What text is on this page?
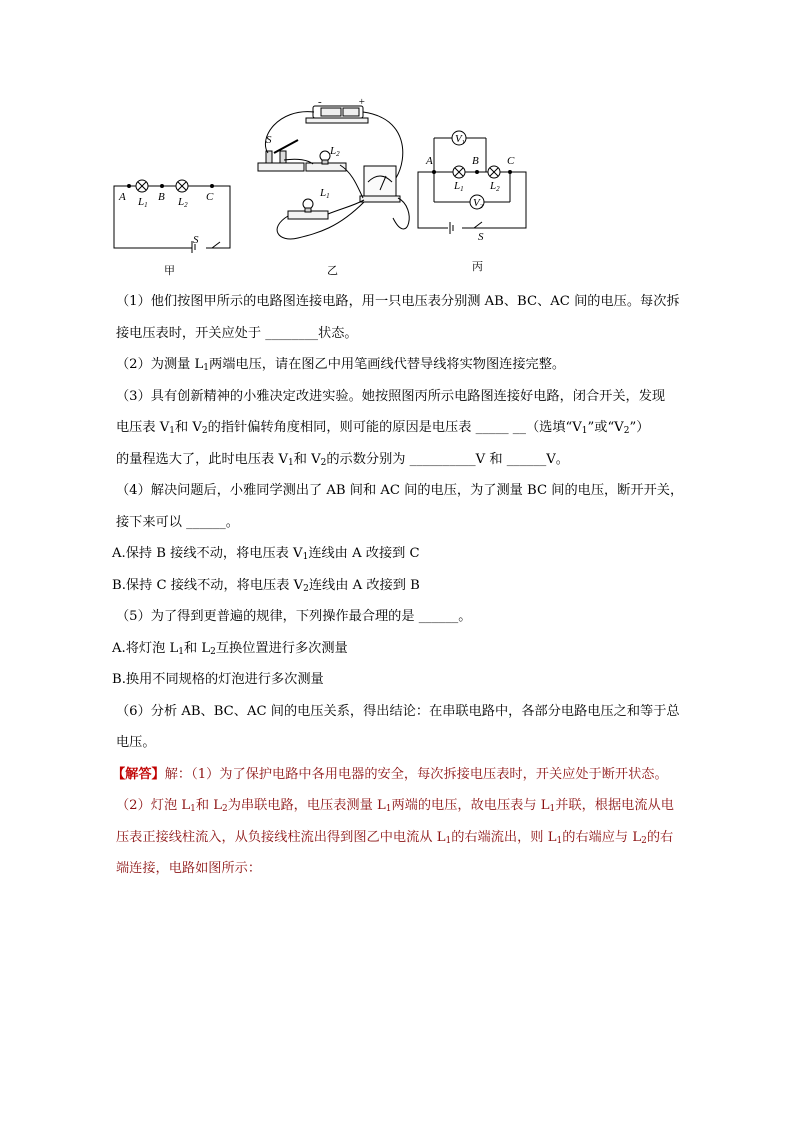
A	B	C
L1	L2
S
甲
S
L2
L1
-	+
乙
V1
V2
A	B	C
L1 L2
S
丙

（1）他们按图甲所示的电路图连接电路，用一只电压表分别测 AB、BC、AC 间的电压。每次拆

接电压表时，开关应处于 ________状态。

（2）为测量 $L_1$两端电压，请在图乙中用笔画线代替导线将实物图连接完整。

（3）具有创新精神的小雅决定改进实验。她按照图丙所示电路图连接好电路，闭合开关，发现

电压表 $V_1$和 $V_2$的指针偏转角度相同，则可能的原因是电压表 _____ __（选填“$V_1$”或“$V_2$”）

的量程选大了，此时电压表 $V_1$和 $V_2$的示数分别为 __________V 和 ______V。

（4）解决问题后，小雅同学测出了 AB 间和 AC 间的电压，为了测量 BC 间的电压，断开开关，

接下来可以 ______。

A.保持 B 接线不动，将电压表 $V_1$连线由 A 改接到 C

B.保持 C 接线不动，将电压表 $V_2$连线由 A 改接到 B

（5）为了得到更普遍的规律，下列操作最合理的是 ______。

A.将灯泡 $L_1$和 $L_2$互换位置进行多次测量

B.换用不同规格的灯泡进行多次测量

（6）分析 AB、BC、AC 间的电压关系，得出结论：在串联电路中，各部分电路电压之和等于总

电压。

【解答】解：（1）为了保护电路中各用电器的安全，每次拆接电压表时，开关应处于断开状态。

（2）灯泡 $L_1$和 $L_2$为串联电路，电压表测量 $L_1$两端的电压，故电压表与 $L_1$并联，根据电流从电

压表正接线柱流入，从负接线柱流出得到图乙中电流从 $L_1$的右端流出，则 $L_1$的右端应与 $L_2$的右

端连接，电路如图所示：
